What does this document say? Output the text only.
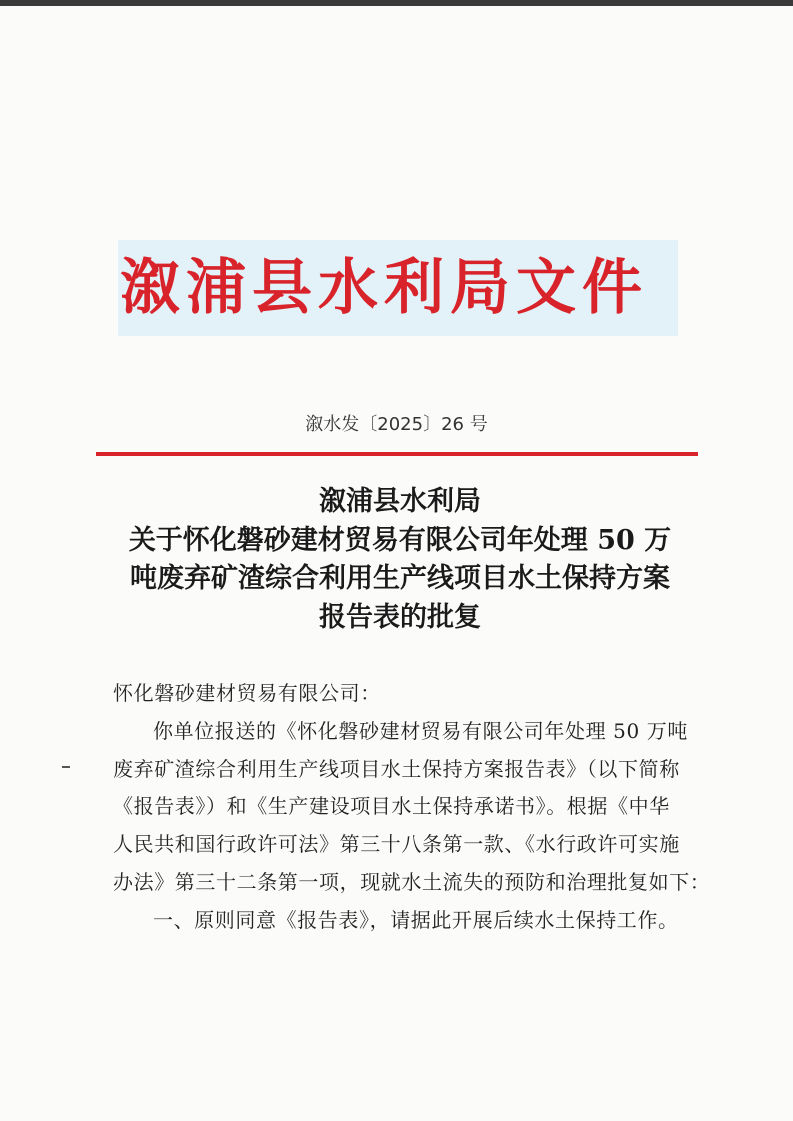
溆浦县水利局文件
溆水发〔2025〕26 号
溆浦县水利局
关于怀化磐砂建材贸易有限公司年处理 50 万
吨废弃矿渣综合利用生产线项目水土保持方案
报告表的批复
怀化磐砂建材贸易有限公司：
你单位报送的《怀化磐砂建材贸易有限公司年处理 50 万吨
废弃矿渣综合利用生产线项目水土保持方案报告表》（以下简称
《报告表》）和《生产建设项目水土保持承诺书》。根据《中华
人民共和国行政许可法》第三十八条第一款、《水行政许可实施
办法》第三十二条第一项，现就水土流失的预防和治理批复如下：
一、原则同意《报告表》，请据此开展后续水土保持工作。
